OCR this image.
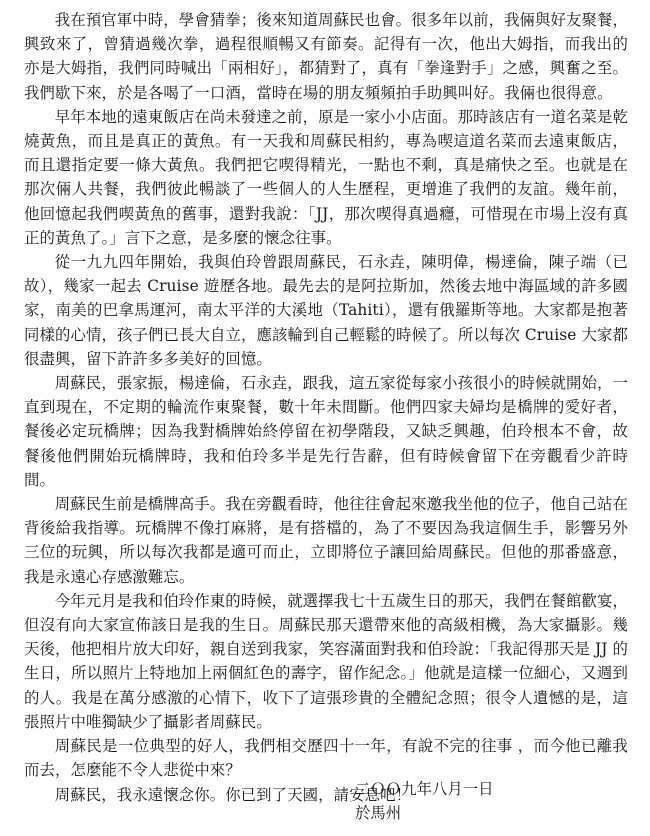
我在預官軍中時，學會猜拳；後來知道周蘇民也會。很多年以前，我倆與好友聚餐，興致來了，曾猜過幾次拳，過程很順暢又有節奏。記得有一次，他出大姆指，而我出的亦是大姆指，我們同時喊出「兩相好」，都猜對了，真有「拳逢對手」之感，興奮之至。我們歇下來，於是各喝了一口酒，當時在場的朋友頻頻拍手助興叫好。我倆也很得意。

早年本地的遠東飯店在尚未發達之前，原是一家小小店面。那時該店有一道名菜是乾燒黃魚，而且是真正的黃魚。有一天我和周蘇民相約，專為喫這道名菜而去遠東飯店，而且還指定要一條大黃魚。我們把它喫得精光，一點也不剩，真是痛快之至。也就是在那次倆人共餐，我們彼此暢談了一些個人的人生歷程，更增進了我們的友誼。幾年前，他回憶起我們喫黃魚的舊事，還對我說：「JJ，那次喫得真過癮，可惜現在市場上沒有真正的黃魚了。」言下之意，是多麼的懷念往事。

從一九九四年開始，我與伯玲曾跟周蘇民，石永垚，陳明偉，楊達倫，陳子端（已故），幾家一起去 Cruise 遊歷各地。最先去的是阿拉斯加，然後去地中海區域的許多國家，南美的巴拿馬運河，南太平洋的大溪地（Tahiti），還有俄羅斯等地。大家都是抱著同樣的心情，孩子們已長大自立，應該輪到自己輕鬆的時候了。所以每次 Cruise 大家都很盡興，留下許許多多美好的回憶。

周蘇民，張家振，楊達倫，石永垚，跟我，這五家從每家小孩很小的時候就開始，一直到現在，不定期的輪流作東聚餐，數十年未間斷。他們四家夫婦均是橋牌的愛好者，餐後必定玩橋牌；因為我對橋牌始終停留在初學階段，又缺乏興趣，伯玲根本不會，故餐後他們開始玩橋牌時，我和伯玲多半是先行告辭，但有時候會留下在旁觀看少許時間。

周蘇民生前是橋牌高手。我在旁觀看時，他往往會起來邀我坐他的位子，他自己站在背後給我指導。玩橋牌不像打麻將，是有搭檔的，為了不要因為我這個生手，影響另外三位的玩興，所以每次我都是適可而止，立即將位子讓回給周蘇民。但他的那番盛意，我是永遠心存感激難忘。

今年元月是我和伯玲作東的時候，就選擇我七十五歲生日的那天，我們在餐館歡宴，但沒有向大家宣佈該日是我的生日。周蘇民那天還帶來他的高級相機，為大家攝影。幾天後，他把相片放大印好，親自送到我家，笑容滿面對我和伯玲說：「我記得那天是 JJ 的生日，所以照片上特地加上兩個紅色的壽字，留作紀念。」他就是這樣一位細心，又週到的人。我是在萬分感激的心情下，收下了這張珍貴的全體紀念照；很令人遺憾的是，這張照片中唯獨缺少了攝影者周蘇民。

周蘇民是一位典型的好人，我們相交歷四十一年，有說不完的往事 ，而今他已離我而去，怎麼能不令人悲從中來？

周蘇民，我永遠懷念你。你已到了天國，請安息吧！

二ＯＯ九年八月一日

於馬州
